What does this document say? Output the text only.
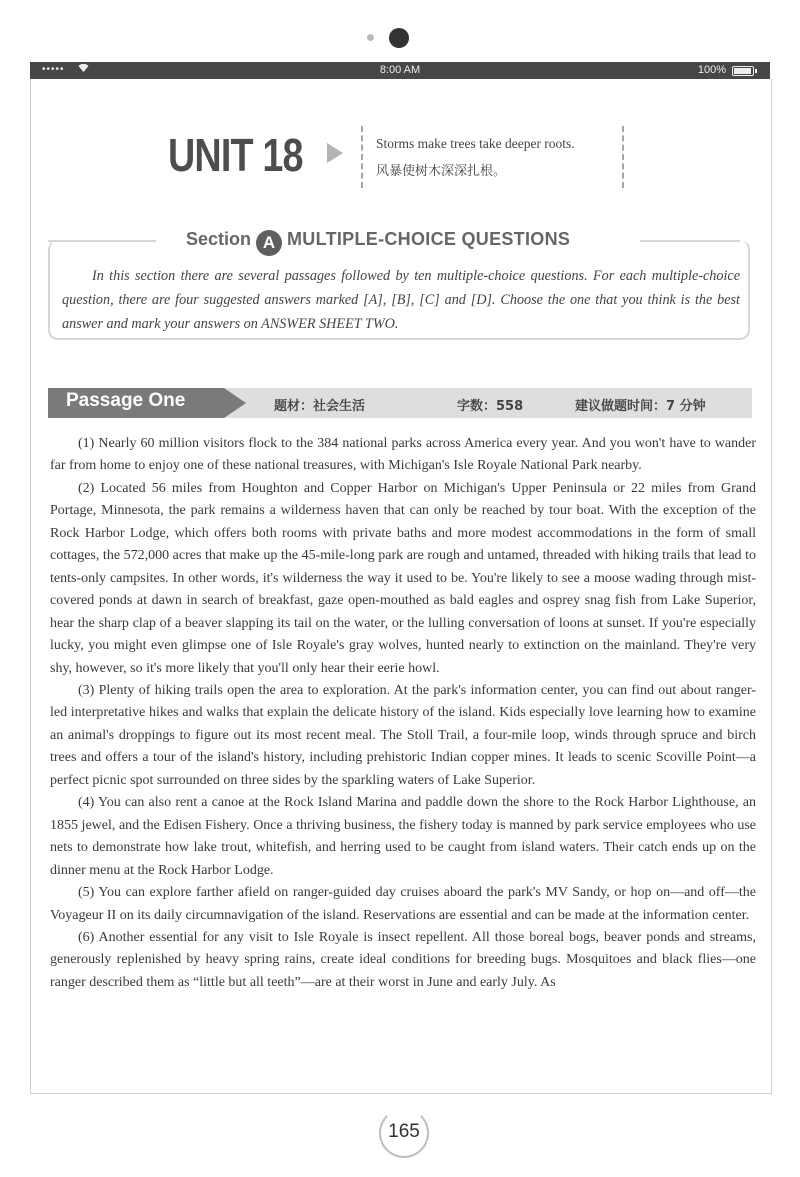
•••••	8:00 AM	100%
UNIT 18	Storms make trees take deeper roots.
风暴使树木深深扎根。
Section A MULTIPLE-CHOICE QUESTIONS
In this section there are several passages followed by ten multiple-choice questions. For each multiple-choice question, there are four suggested answers marked [A], [B], [C] and [D]. Choose the one that you think is the best answer and mark your answers on ANSWER SHEET TWO.
Passage One	题材：社会生活	字数：558	建议做题时间：7 分钟

(1) Nearly 60 million visitors flock to the 384 national parks across America every year. And you won't have to wander far from home to enjoy one of these national treasures, with Michigan's Isle Royale National Park nearby.

(2) Located 56 miles from Houghton and Copper Harbor on Michigan's Upper Peninsula or 22 miles from Grand Portage, Minnesota, the park remains a wilderness haven that can only be reached by tour boat. With the exception of the Rock Harbor Lodge, which offers both rooms with private baths and more modest accommodations in the form of small cottages, the 572,000 acres that make up the 45-mile-long park are rough and untamed, threaded with hiking trails that lead to tents-only campsites. In other words, it's wilderness the way it used to be. You're likely to see a moose wading through mist-covered ponds at dawn in search of breakfast, gaze open-mouthed as bald eagles and osprey snag fish from Lake Superior, hear the sharp clap of a beaver slapping its tail on the water, or the lulling conversation of loons at sunset. If you're especially lucky, you might even glimpse one of Isle Royale's gray wolves, hunted nearly to extinction on the mainland. They're very shy, however, so it's more likely that you'll only hear their eerie howl.

(3) Plenty of hiking trails open the area to exploration. At the park's information center, you can find out about ranger-led interpretative hikes and walks that explain the delicate history of the island. Kids especially love learning how to examine an animal's droppings to figure out its most recent meal. The Stoll Trail, a four-mile loop, winds through spruce and birch trees and offers a tour of the island's history, including prehistoric Indian copper mines. It leads to scenic Scoville Point—a perfect picnic spot surrounded on three sides by the sparkling waters of Lake Superior.

(4) You can also rent a canoe at the Rock Island Marina and paddle down the shore to the Rock Harbor Lighthouse, an 1855 jewel, and the Edisen Fishery. Once a thriving business, the fishery today is manned by park service employees who use nets to demonstrate how lake trout, whitefish, and herring used to be caught from island waters. Their catch ends up on the dinner menu at the Rock Harbor Lodge.

(5) You can explore farther afield on ranger-guided day cruises aboard the park's MV Sandy, or hop on—and off—the Voyageur II on its daily circumnavigation of the island. Reservations are essential and can be made at the information center.

(6) Another essential for any visit to Isle Royale is insect repellent. All those boreal bogs, beaver ponds and streams, generously replenished by heavy spring rains, create ideal conditions for breeding bugs. Mosquitoes and black flies—one ranger described them as “little but all teeth”—are at their worst in June and early July. As

165
